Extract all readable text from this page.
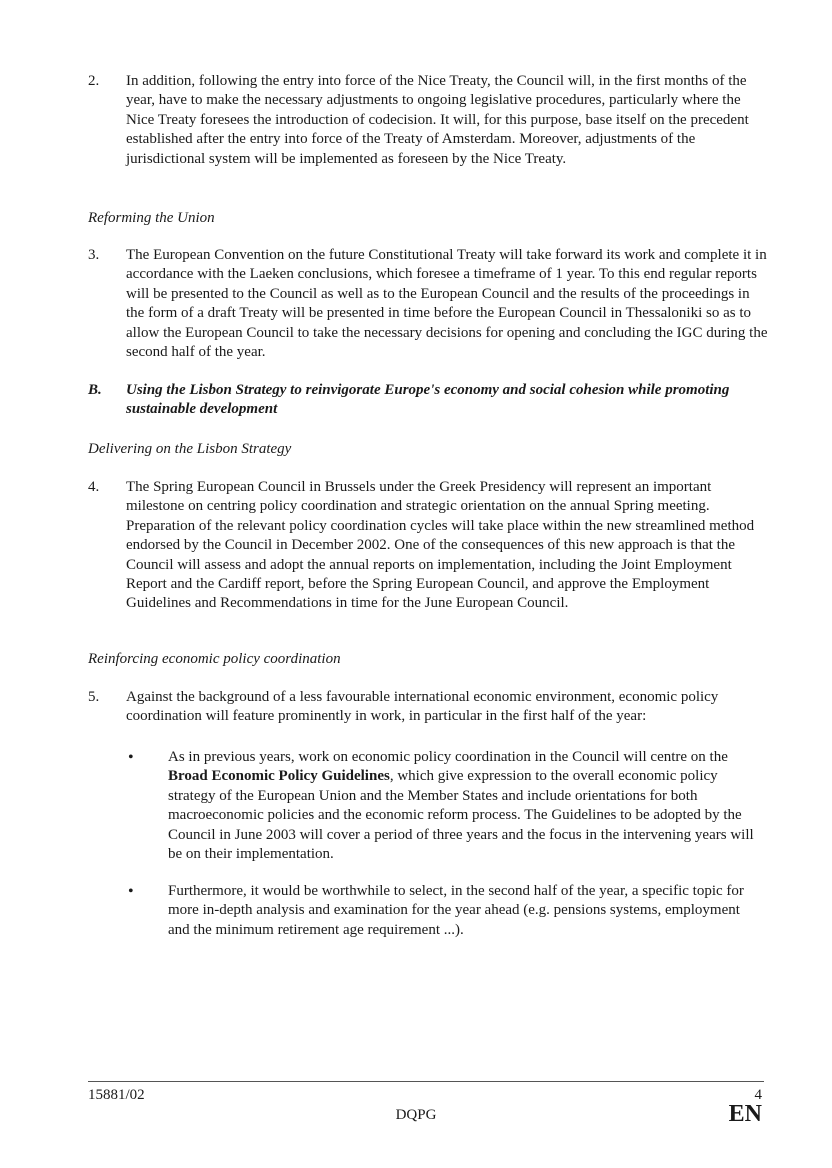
2.	In addition, following the entry into force of the Nice Treaty, the Council will, in the first months of the year, have to make the necessary adjustments to ongoing legislative procedures, particularly where the Nice Treaty foresees the introduction of codecision. It will, for this purpose, base itself on the precedent established after the entry into force of the Treaty of Amsterdam. Moreover, adjustments of the jurisdictional system will be implemented as foreseen by the Nice Treaty.
Reforming the Union
3.	The European Convention on the future Constitutional Treaty will take forward its work and complete it in accordance with the Laeken conclusions, which foresee a timeframe of 1 year. To this end regular reports will be presented to the Council as well as to the European Council and the results of the proceedings in the form of a draft Treaty will be presented in time before the European Council in Thessaloniki so as to allow the European Council to take the necessary decisions for opening and concluding the IGC during the second half of the year.
B. Using the Lisbon Strategy to reinvigorate Europe's economy and social cohesion while promoting sustainable development
Delivering on the Lisbon Strategy
4.	The Spring European Council in Brussels under the Greek Presidency will represent an important milestone on centring policy coordination and strategic orientation on the annual Spring meeting. Preparation of the relevant policy coordination cycles will take place within the new streamlined method endorsed by the Council in December 2002. One of the consequences of this new approach is that the Council will assess and adopt the annual reports on implementation, including the Joint Employment Report and the Cardiff report, before the Spring European Council, and approve the Employment Guidelines and Recommendations in time for the June European Council.
Reinforcing economic policy coordination
5.	Against the background of a less favourable international economic environment, economic policy coordination will feature prominently in work, in particular in the first half of the year:
• As in previous years, work on economic policy coordination in the Council will centre on the Broad Economic Policy Guidelines, which give expression to the overall economic policy strategy of the European Union and the Member States and include orientations for both macroeconomic policies and the economic reform process. The Guidelines to be adopted by the Council in June 2003 will cover a period of three years and the focus in the intervening years will be on their implementation.
• Furthermore, it would be worthwhile to select, in the second half of the year, a specific topic for more in-depth analysis and examination for the year ahead (e.g. pensions systems, employment and the minimum retirement age requirement ...).
15881/02
DQPG
4
EN
